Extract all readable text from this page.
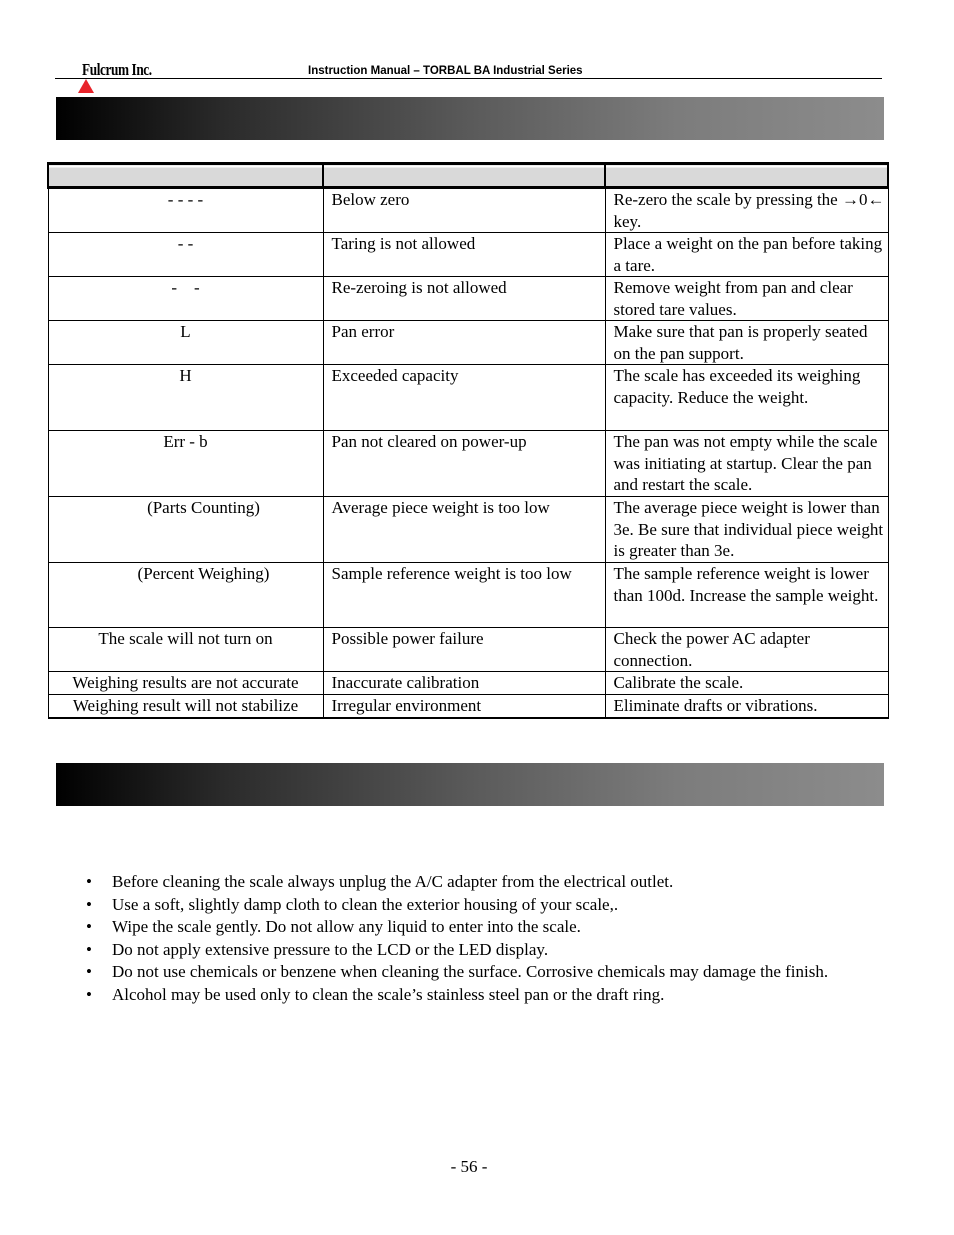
Fulcrum Inc.	Instruction Manual – TORBAL BA Industrial Series

- - - -	Below zero	Re-zero the scale by pressing the →0← key.
- -	Taring is not allowed	Place a weight on the pan before taking a tare.
-    -	Re-zeroing is not allowed	Remove weight from pan and clear stored tare values.
L	Pan error	Make sure that pan is properly seated on the pan support.
H	Exceeded capacity	The scale has exceeded its weighing capacity. Reduce the weight.
Err - b	Pan not cleared on power-up	The pan was not empty while the scale was initiating at startup. Clear the pan and restart the scale.
(Parts Counting)	Average piece weight is too low	The average piece weight is lower than 3e. Be sure that individual piece weight is greater than 3e.
(Percent Weighing)	Sample reference weight is too low	The sample reference weight is lower than 100d. Increase the sample weight.
The scale will not turn on	Possible power failure	Check the power AC adapter connection.
Weighing results are not accurate	Inaccurate calibration	Calibrate the scale.
Weighing result will not stabilize	Irregular environment	Eliminate drafts or vibrations.
• Before cleaning the scale always unplug the A/C adapter from the electrical outlet.
• Use a soft, slightly damp cloth to clean the exterior housing of your scale,.
• Wipe the scale gently. Do not allow any liquid to enter into the scale.
• Do not apply extensive pressure to the LCD or the LED display.
• Do not use chemicals or benzene when cleaning the surface. Corrosive chemicals may damage the finish.
• Alcohol may be used only to clean the scale’s stainless steel pan or the draft ring.
- 56 -
